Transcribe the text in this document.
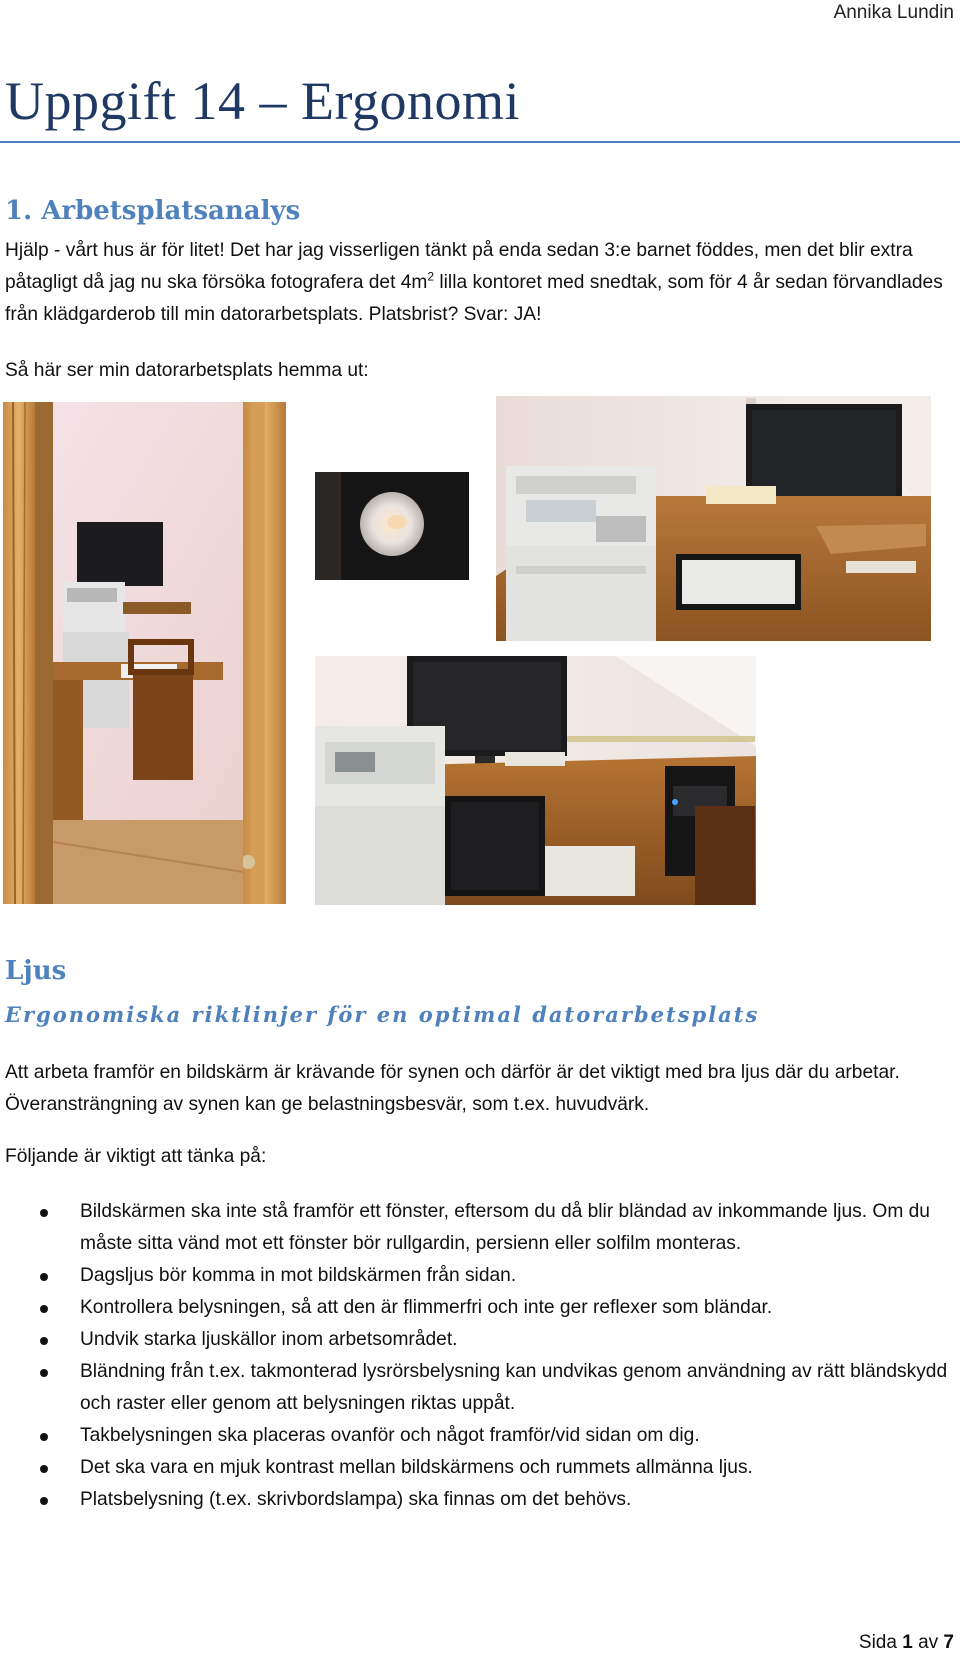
Annika Lundin
Uppgift 14 – Ergonomi
1. Arbetsplatsanalys

Hjälp - vårt hus är för litet! Det har jag visserligen tänkt på enda sedan 3:e barnet föddes, men det blir extra påtagligt då jag nu ska försöka fotografera $\det 4m^2$ lilla kontoret med snedtak, som för 4 år sedan förvandlades från klädgarderob till min datorarbetsplats. Platsbrist? Svar: JA!

Så här ser min datorarbetsplats hemma ut:

Ljus
Ergonomiska riktlinjer för en optimal datorarbetsplats

Att arbeta framför en bildskärm är krävande för synen och därför är det viktigt med bra ljus där du arbetar. Överansträngning av synen kan ge belastningsbesvär, som t.ex. huvudvärk.

Följande är viktigt att tänka på:

Bildskärmen ska inte stå framför ett fönster, eftersom du då blir bländad av inkommande ljus. Om du måste sitta vänd mot ett fönster bör rullgardin, persienn eller solfilm monteras.
Dagsljus bör komma in mot bildskärmen från sidan.
Kontrollera belysningen, så att den är flimmerfri och inte ger reflexer som bländar.
Undvik starka ljuskällor inom arbetsområdet.
Bländning från t.ex. takmonterad lysrörsbelysning kan undvikas genom användning av rätt bländskydd och raster eller genom att belysningen riktas uppåt.
Takbelysningen ska placeras ovanför och något framför/vid sidan om dig.
Det ska vara en mjuk kontrast mellan bildskärmens och rummets allmänna ljus.
Platsbelysning (t.ex. skrivbordslampa) ska finnas om det behövs.
Sida 1 av 7
